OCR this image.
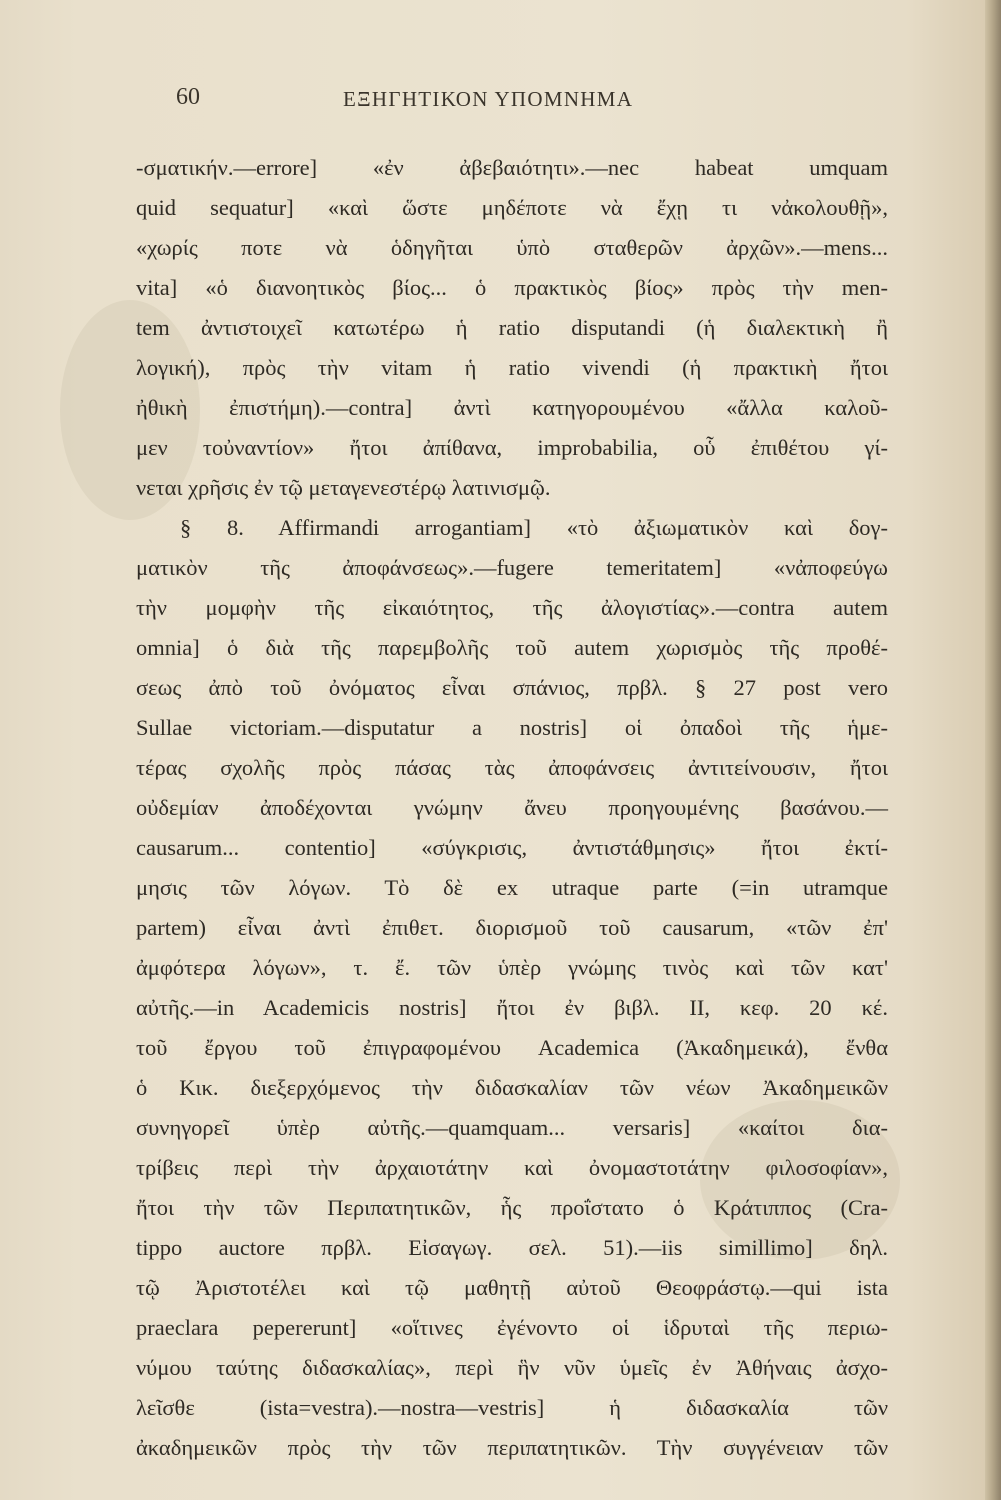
60	ΕΞΗΓΗΤΙΚΟΝ ΥΠΟΜΝΗΜΑ
-σματικήν.—errore] «ἐν ἀβεβαιότητι».—nec habeat umquam
quid sequatur] «καὶ ὥστε μηδέποτε νὰ ἔχῃ τι νἀκολουθῇ»,
«χωρίς ποτε νὰ ὁδηγῆται ὑπὸ σταθερῶν ἀρχῶν».—mens...
vita] «ὁ διανοητικὸς βίος... ὁ πρακτικὸς βίος» πρὸς τὴν men-
tem ἀντιστοιχεῖ κατωτέρω ἡ ratio disputandi (ἡ διαλεκτικὴ ἢ
λογική), πρὸς τὴν vitam ἡ ratio vivendi (ἡ πρακτικὴ ἤτοι
ἠθικὴ ἐπιστήμη).—contra] ἀντὶ κατηγορουμένου «ἄλλα καλοῦ-
μεν τοὐναντίον» ἤτοι ἀπίθανα, improbabilia, οὗ ἐπιθέτου γί-
νεται χρῆσις ἐν τῷ μεταγενεστέρῳ λατινισμῷ.
§ 8. Affirmandi arrogantiam] «τὸ ἀξιωματικὸν καὶ δογ-
ματικὸν τῆς ἀποφάνσεως».—fugere temeritatem] «νἀποφεύγω
τὴν μομφὴν τῆς εἰκαιότητος, τῆς ἀλογιστίας».—contra autem
omnia] ὁ διὰ τῆς παρεμβολῆς τοῦ autem χωρισμὸς τῆς προθέ-
σεως ἀπὸ τοῦ ὀνόματος εἶναι σπάνιος, πρβλ. § 27 post vero
Sullae victoriam.—disputatur a nostris] οἱ ὀπαδοὶ τῆς ἡμε-
τέρας σχολῆς πρὸς πάσας τὰς ἀποφάνσεις ἀντιτείνουσιν, ἤτοι
οὐδεμίαν ἀποδέχονται γνώμην ἄνευ προηγουμένης βασάνου.—
causarum... contentio] «σύγκρισις, ἀντιστάθμησις» ἤτοι ἐκτί-
μησις τῶν λόγων. Τὸ δὲ ex utraque parte (=in utramque
partem) εἶναι ἀντὶ ἐπιθετ. διορισμοῦ τοῦ causarum, «τῶν ἐπ'
ἀμφότερα λόγων», τ. ἔ. τῶν ὑπὲρ γνώμης τινὸς καὶ τῶν κατ'
αὐτῆς.—in Academicis nostris] ἤτοι ἐν βιβλ. II, κεφ. 20 κέ.
τοῦ ἔργου τοῦ ἐπιγραφομένου Academica (Ἀκαδημεικά), ἔνθα
ὁ Κικ. διεξερχόμενος τὴν διδασκαλίαν τῶν νέων Ἀκαδημεικῶν
συνηγορεῖ ὑπὲρ αὐτῆς.—quamquam... versaris] «καίτοι δια-
τρίβεις περὶ τὴν ἀρχαιοτάτην καὶ ὀνομαστοτάτην φιλοσοφίαν»,
ἤτοι τὴν τῶν Περιπατητικῶν, ἧς προΐστατο ὁ Κράτιππος (Cra-
tippo auctore πρβλ. Εἰσαγωγ. σελ. 51).—iis simillimo] δηλ.
τῷ Ἀριστοτέλει καὶ τῷ μαθητῇ αὐτοῦ Θεοφράστῳ.—qui ista
praeclara pepererunt] «οἵτινες ἐγένοντο οἱ ἱδρυταὶ τῆς περιω-
νύμου ταύτης διδασκαλίας», περὶ ἣν νῦν ὑμεῖς ἐν Ἀθήναις ἀσχο-
λεῖσθε (ista=vestra).—nostra—vestris] ἡ διδασκαλία τῶν
ἀκαδημεικῶν πρὸς τὴν τῶν περιπατητικῶν. Τὴν συγγένειαν τῶν
